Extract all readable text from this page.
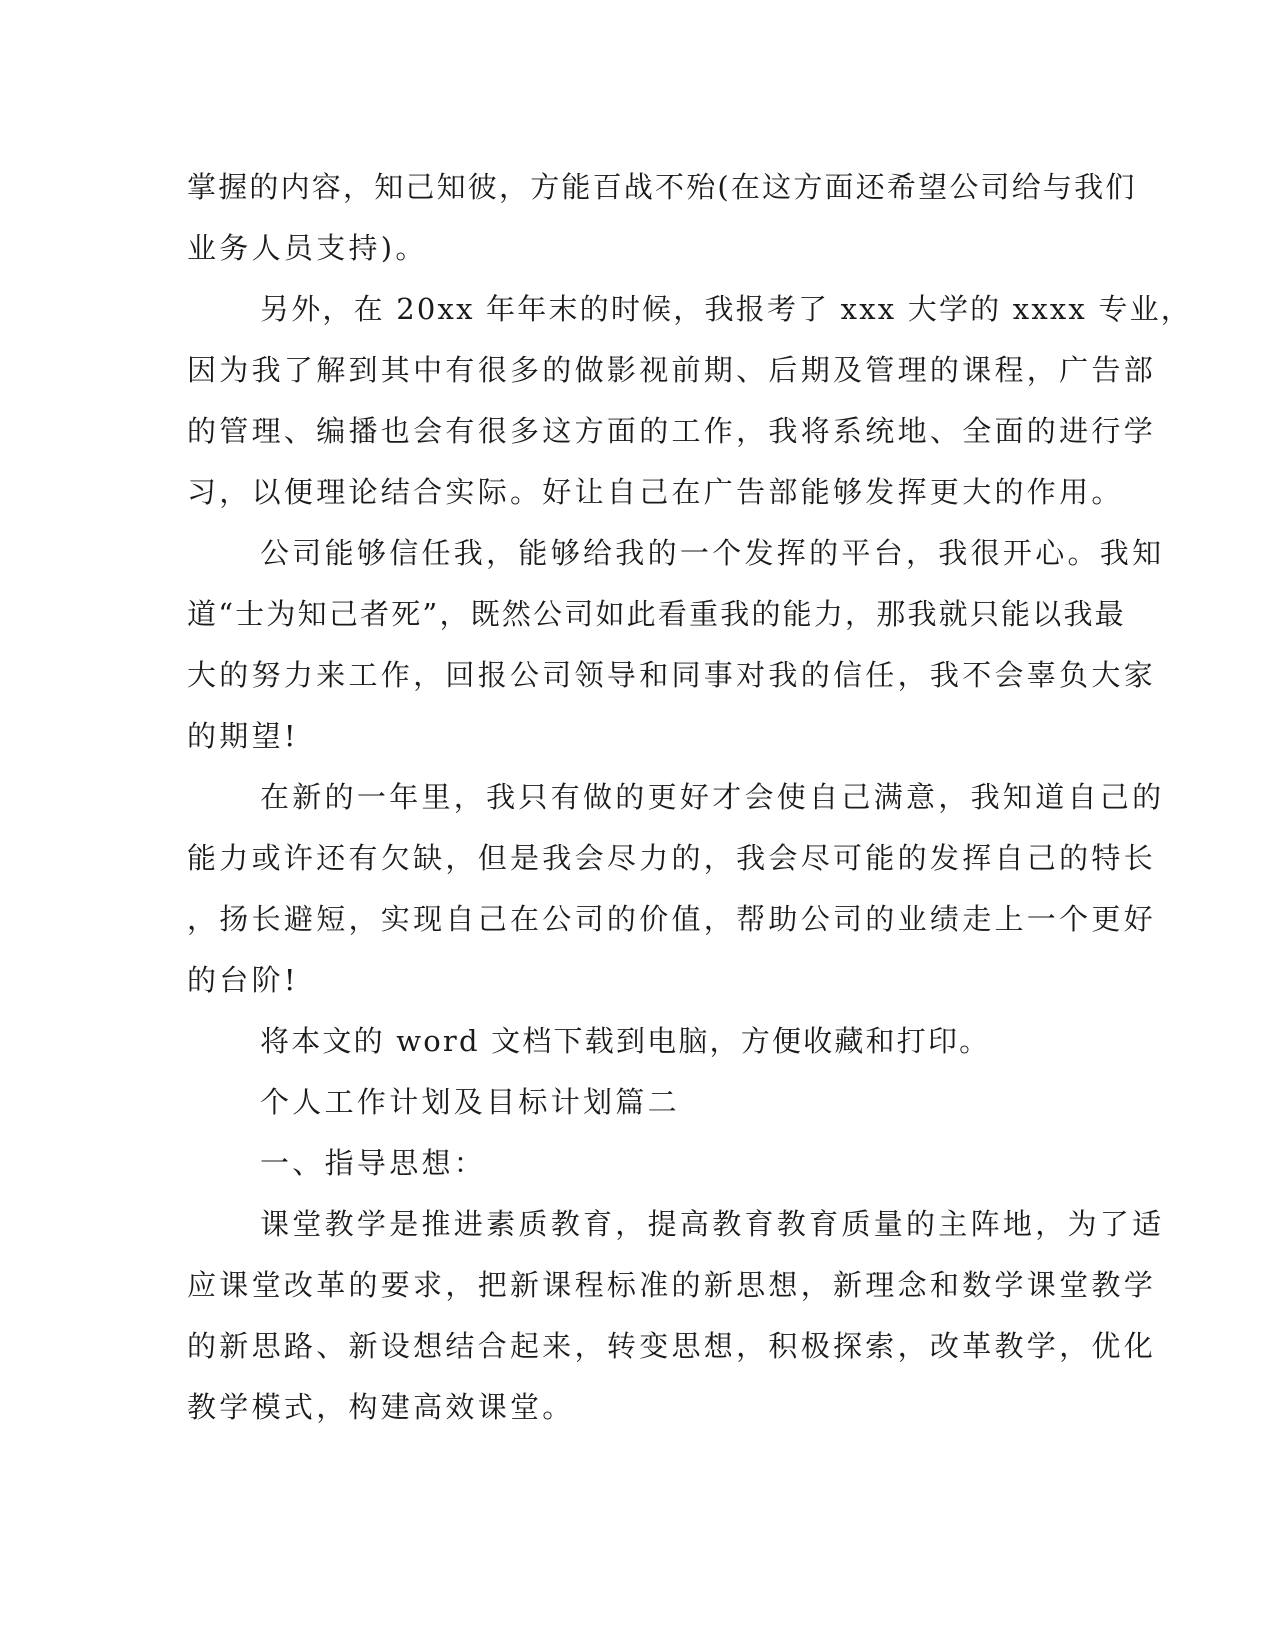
掌握的内容，知己知彼，方能百战不殆(在这方面还希望公司给与我们
业务人员支持)。
另外，在 20xx 年年末的时候，我报考了 xxx 大学的 xxxx 专业，
因为我了解到其中有很多的做影视前期、后期及管理的课程，广告部
的管理、编播也会有很多这方面的工作，我将系统地、全面的进行学
习，以便理论结合实际。好让自己在广告部能够发挥更大的作用。
公司能够信任我，能够给我的一个发挥的平台，我很开心。我知
道“士为知己者死”，既然公司如此看重我的能力，那我就只能以我最
大的努力来工作，回报公司领导和同事对我的信任，我不会辜负大家
的期望!
在新的一年里，我只有做的更好才会使自己满意，我知道自己的
能力或许还有欠缺，但是我会尽力的，我会尽可能的发挥自己的特长
，扬长避短，实现自己在公司的价值，帮助公司的业绩走上一个更好
的台阶!
将本文的 word 文档下载到电脑，方便收藏和打印。
个人工作计划及目标计划篇二
一、指导思想：
课堂教学是推进素质教育，提高教育教育质量的主阵地，为了适
应课堂改革的要求，把新课程标准的新思想，新理念和数学课堂教学
的新思路、新设想结合起来，转变思想，积极探索，改革教学，优化
教学模式，构建高效课堂。
